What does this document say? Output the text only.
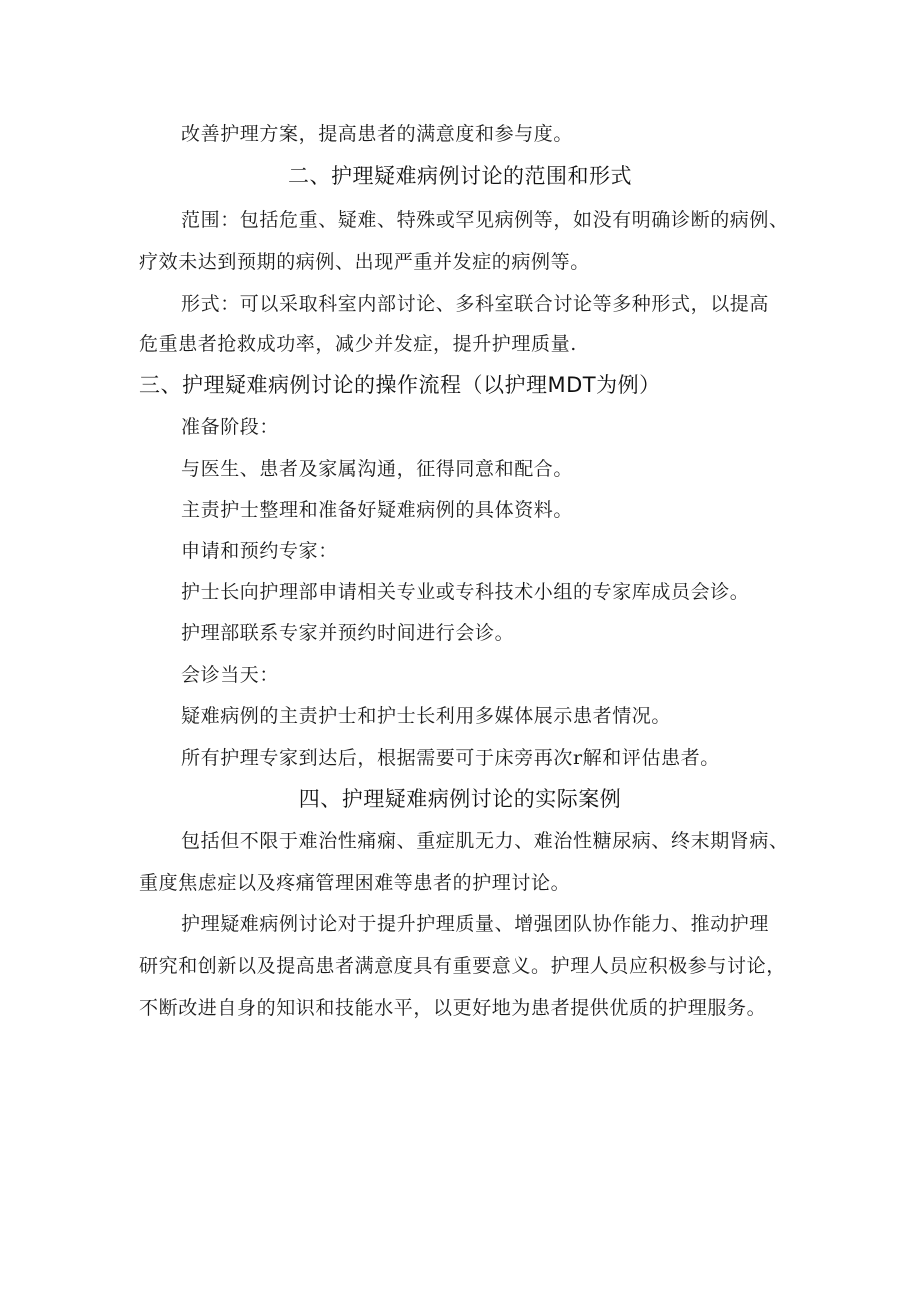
改善护理方案，提高患者的满意度和参与度。
二、护理疑难病例讨论的范围和形式
范围：包括危重、疑难、特殊或罕见病例等，如没有明确诊断的病例、
疗效未达到预期的病例、出现严重并发症的病例等。
形式：可以采取科室内部讨论、多科室联合讨论等多种形式，以提高
危重患者抢救成功率，减少并发症，提升护理质量.
三、护理疑难病例讨论的操作流程（以护理MDT为例）
准备阶段：
与医生、患者及家属沟通，征得同意和配合。
主责护士整理和准备好疑难病例的具体资料。
申请和预约专家：
护士长向护理部申请相关专业或专科技术小组的专家库成员会诊。
护理部联系专家并预约时间进行会诊。
会诊当天：
疑难病例的主责护士和护士长利用多媒体展示患者情况。
所有护理专家到达后，根据需要可于床旁再次r解和评估患者。
四、护理疑难病例讨论的实际案例
包括但不限于难治性痛痫、重症肌无力、难治性糖尿病、终末期肾病、
重度焦虑症以及疼痛管理困难等患者的护理讨论。
护理疑难病例讨论对于提升护理质量、增强团队协作能力、推动护理
研究和创新以及提高患者满意度具有重要意义。护理人员应积极参与讨论，
不断改进自身的知识和技能水平，以更好地为患者提供优质的护理服务。
